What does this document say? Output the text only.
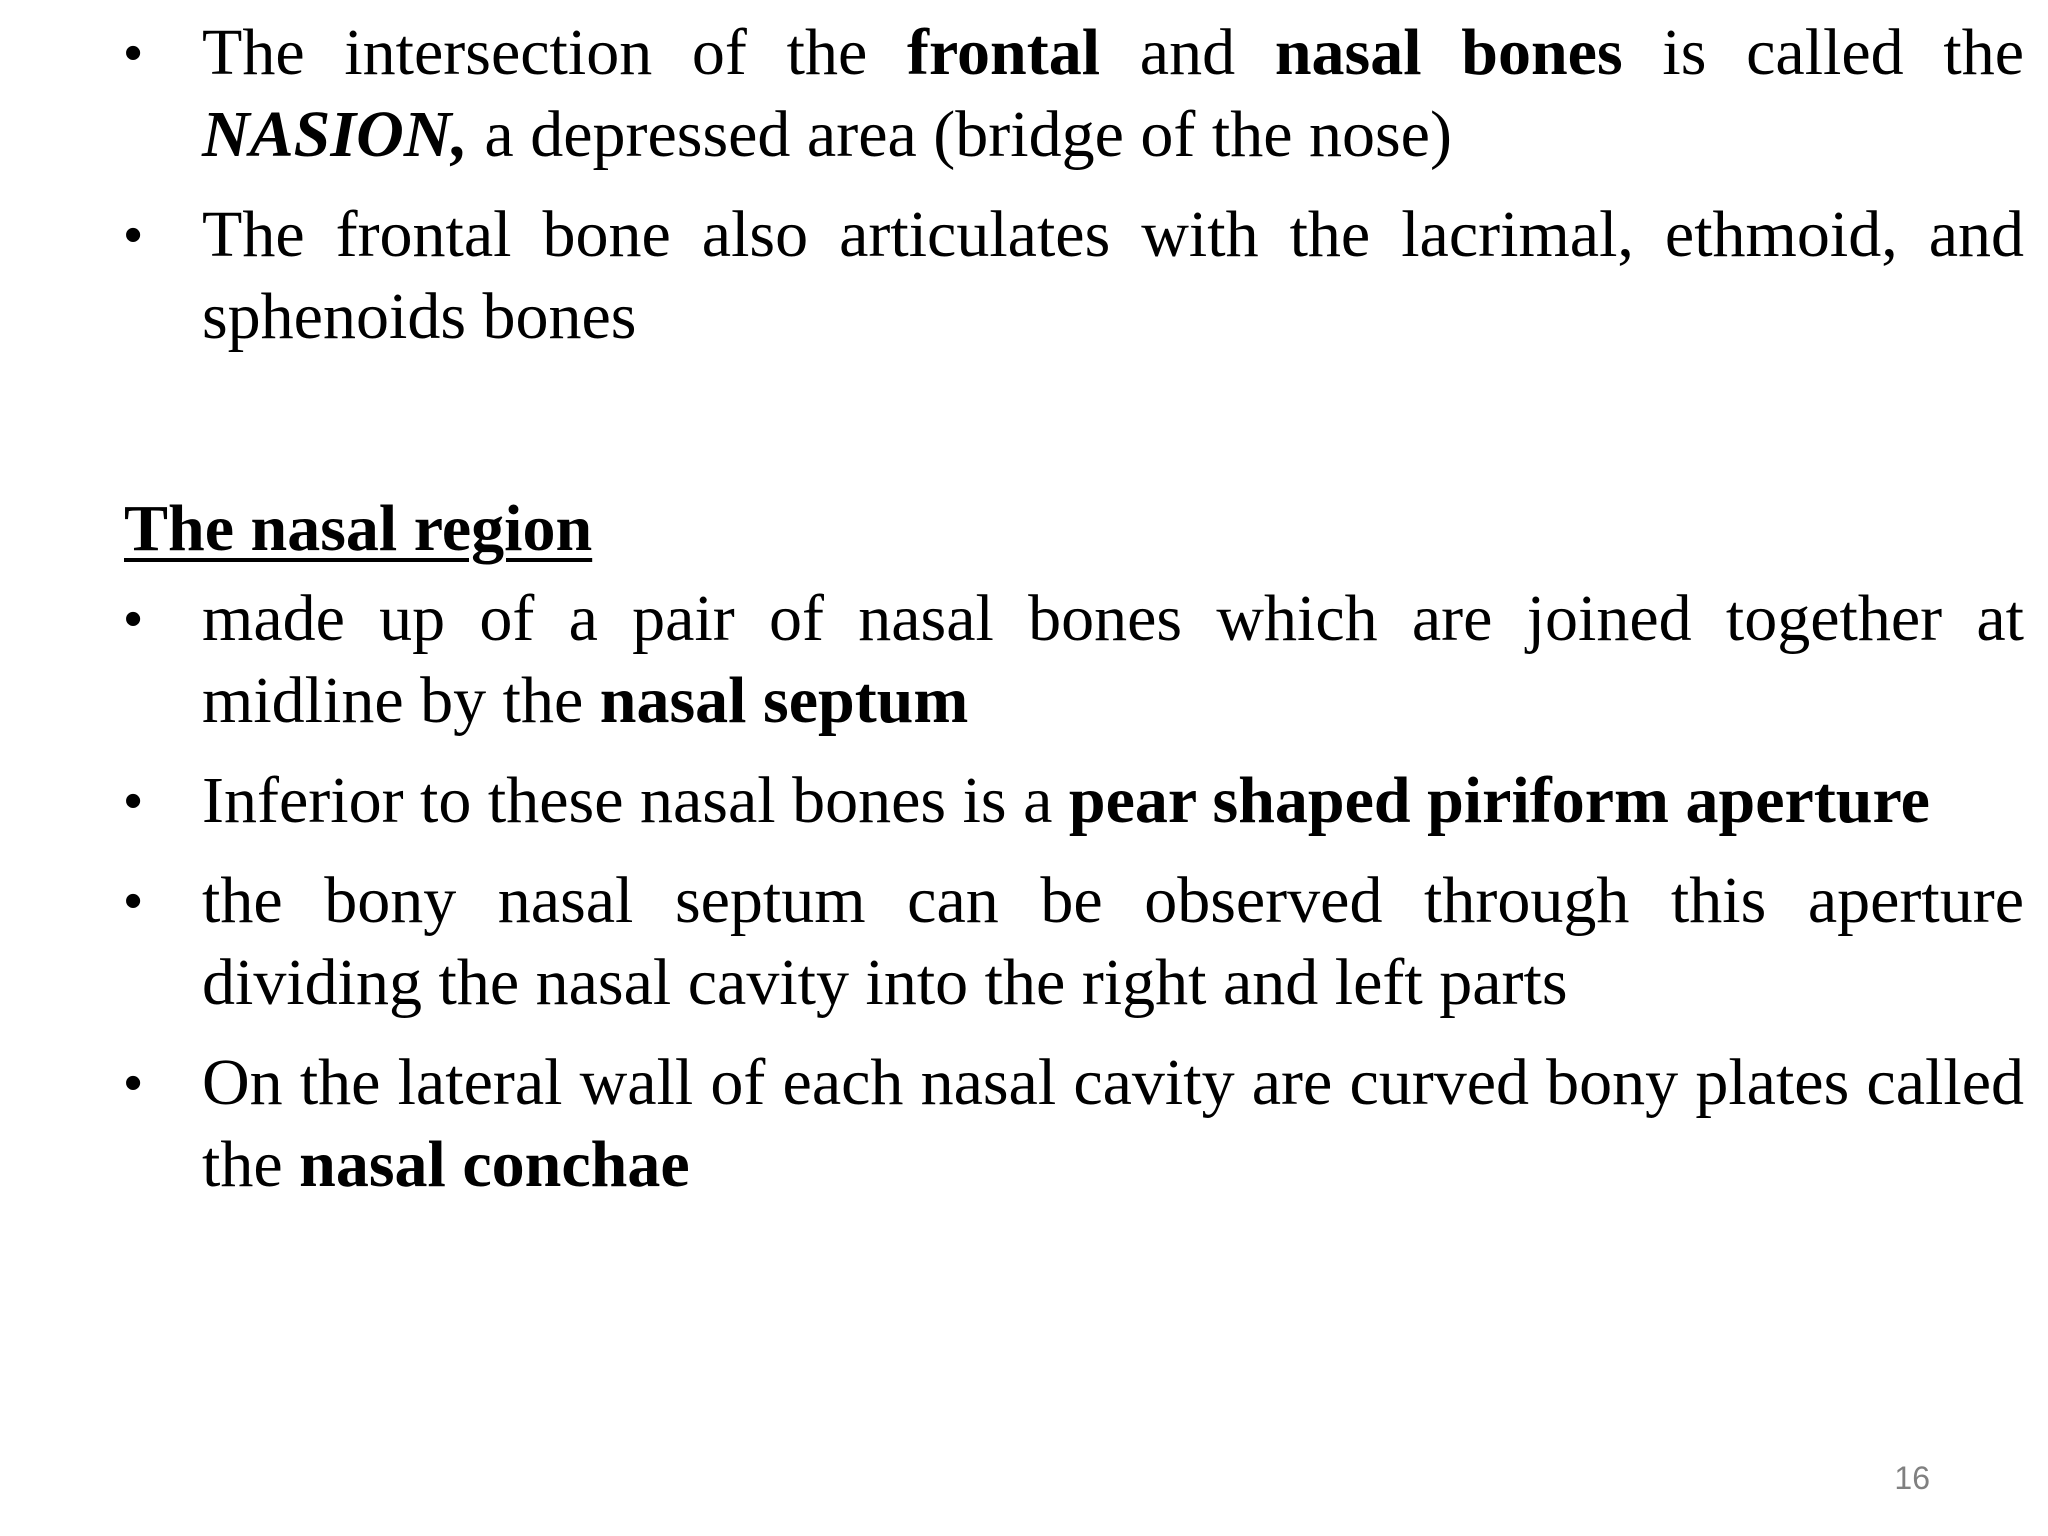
• The intersection of the frontal and nasal bones is called the NASION, a depressed area (bridge of the nose)
• The frontal bone also articulates with the lacrimal, ethmoid, and sphenoids bones
The nasal region
• made up of a pair of nasal bones which are joined together at midline by the nasal septum
• Inferior to these nasal bones is a pear shaped piriform aperture
• the bony nasal septum can be observed through this aperture dividing the nasal cavity into the right and left parts
• On the lateral wall of each nasal cavity are curved bony plates called the nasal conchae
16
